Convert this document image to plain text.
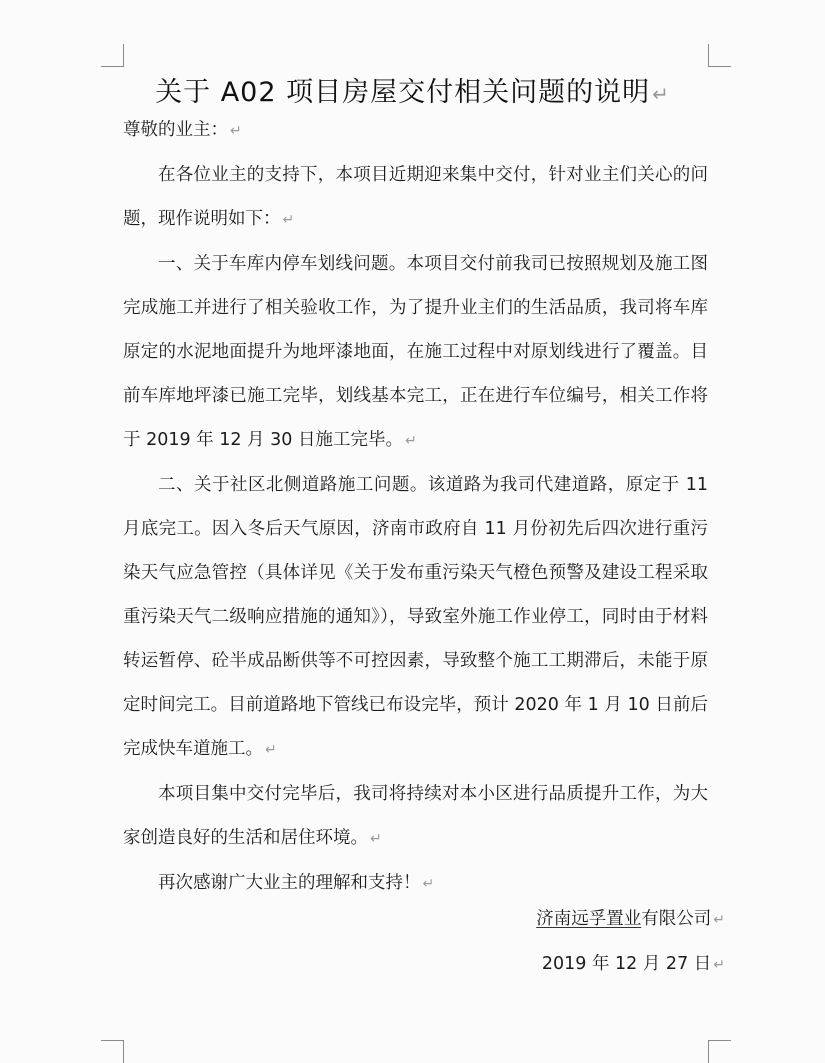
关于 A02 项目房屋交付相关问题的说明 ↵

尊敬的业主： ↵

在各位业主的支持下，本项目近期迎来集中交付，针对业主们关心的问题，现作说明如下： ↵

一、关于车库内停车划线问题。本项目交付前我司已按照规划及施工图完成施工并进行了相关验收工作，为了提升业主们的生活品质，我司将车库原定的水泥地面提升为地坪漆地面，在施工过程中对原划线进行了覆盖。目前车库地坪漆已施工完毕，划线基本完工，正在进行车位编号，相关工作将于 2019 年 12 月 30 日施工完毕。 ↵

二、关于社区北侧道路施工问题。该道路为我司代建道路，原定于 11 月底完工。因入冬后天气原因，济南市政府自 11 月份初先后四次进行重污染天气应急管控（具体详见《关于发布重污染天气橙色预警及建设工程采取重污染天气二级响应措施的通知》），导致室外施工作业停工，同时由于材料转运暂停、砼半成品断供等不可控因素，导致整个施工工期滞后，未能于原定时间完工。目前道路地下管线已布设完毕，预计 2020 年 1 月 10 日前后完成快车道施工。 ↵

本项目集中交付完毕后，我司将持续对本小区进行品质提升工作，为大家创造良好的生活和居住环境。 ↵

再次感谢广大业主的理解和支持！ ↵

济南远孚置业有限公司 ↵
2019 年 12 月 27 日 ↵
